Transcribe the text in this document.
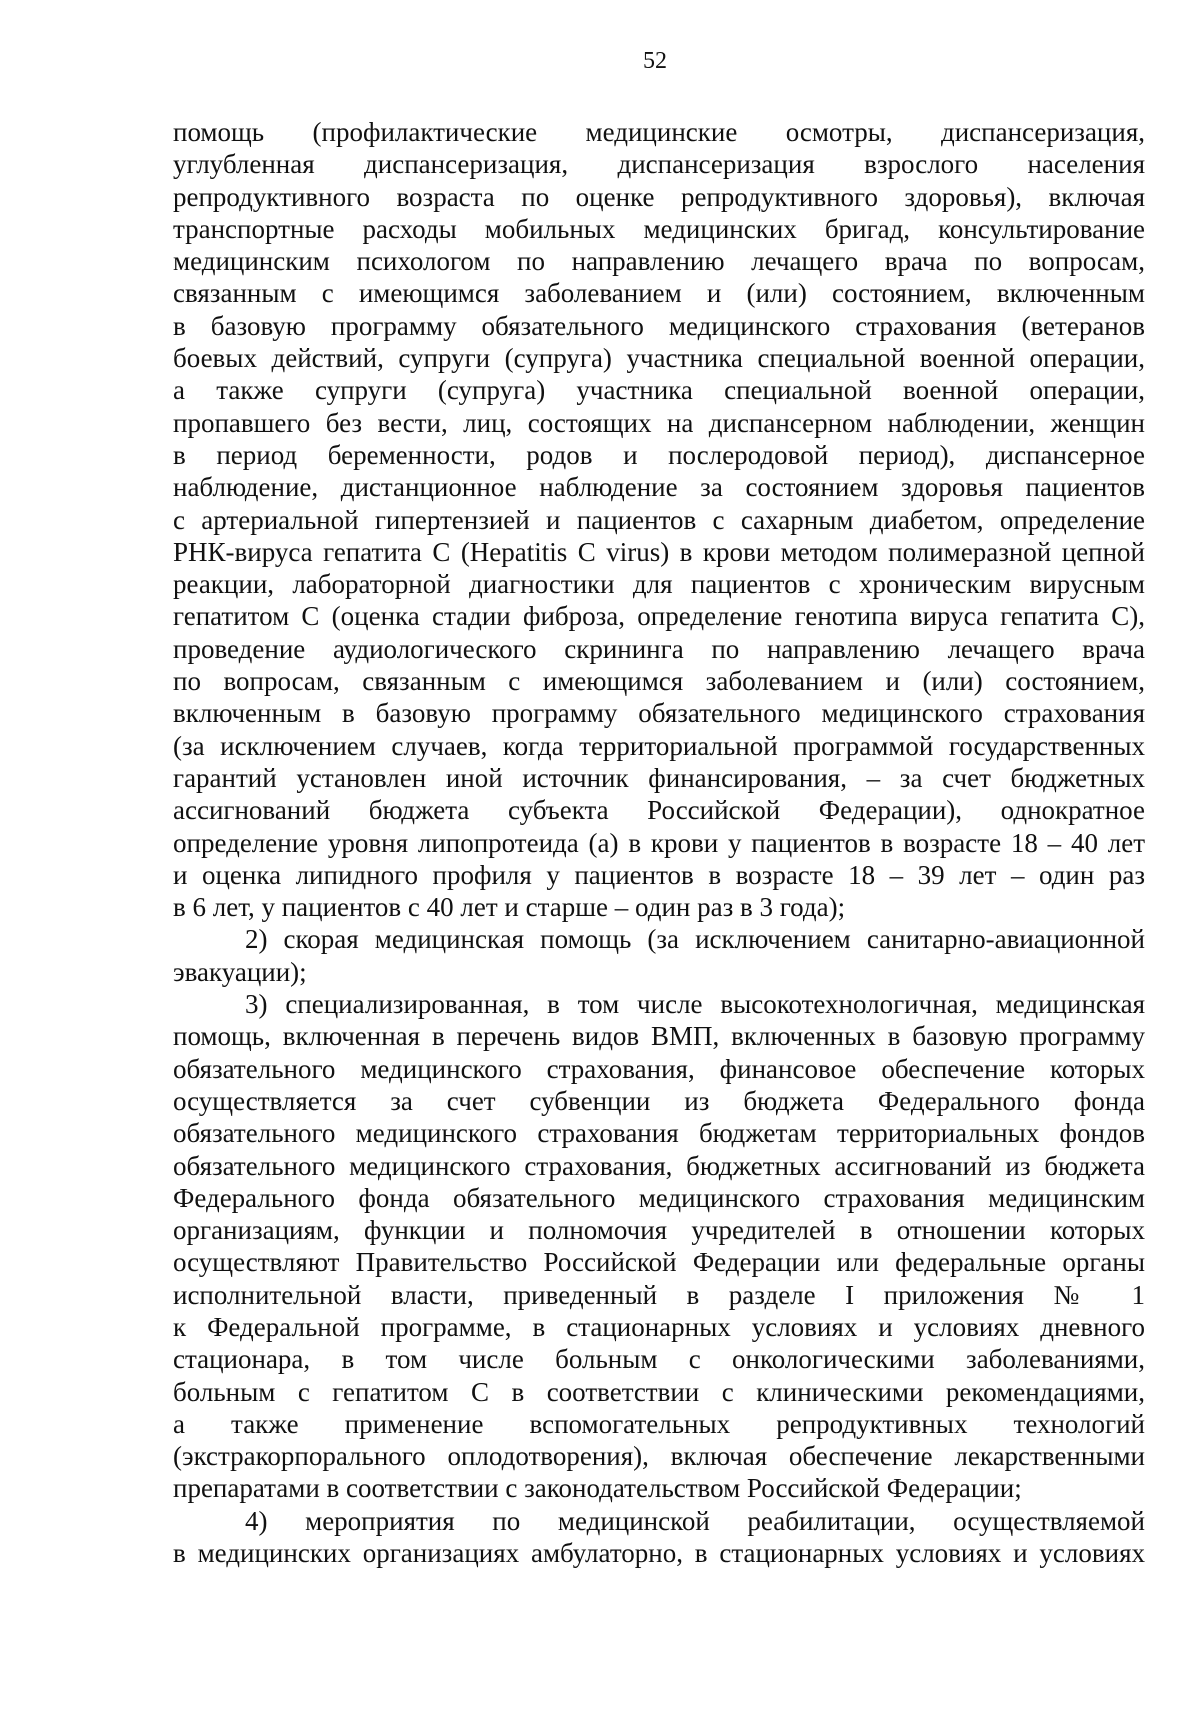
52
помощь (профилактические медицинские осмотры, диспансеризация,
углубленная диспансеризация, диспансеризация взрослого населения
репродуктивного возраста по оценке репродуктивного здоровья), включая
транспортные расходы мобильных медицинских бригад, консультирование
медицинским психологом по направлению лечащего врача по вопросам,
связанным с имеющимся заболеванием и (или) состоянием, включенным
в базовую программу обязательного медицинского страхования (ветеранов
боевых действий, супруги (супруга) участника специальной военной операции,
а также супруги (супруга) участника специальной военной операции,
пропавшего без вести, лиц, состоящих на диспансерном наблюдении, женщин
в период беременности, родов и послеродовой период), диспансерное
наблюдение, дистанционное наблюдение за состоянием здоровья пациентов
с артериальной гипертензией и пациентов с сахарным диабетом, определение
РНК-вируса гепатита С (Hepatitis C virus) в крови методом полимеразной цепной
реакции, лабораторной диагностики для пациентов с хроническим вирусным
гепатитом С (оценка стадии фиброза, определение генотипа вируса гепатита С),
проведение аудиологического скрининга по направлению лечащего врача
по вопросам, связанным с имеющимся заболеванием и (или) состоянием,
включенным в базовую программу обязательного медицинского страхования
(за исключением случаев, когда территориальной программой государственных
гарантий установлен иной источник финансирования, – за счет бюджетных
ассигнований бюджета субъекта Российской Федерации), однократное
определение уровня липопротеида (а) в крови у пациентов в возрасте 18 – 40 лет
и оценка липидного профиля у пациентов в возрасте 18 – 39 лет – один раз
в 6 лет, у пациентов с 40 лет и старше – один раз в 3 года);
2) скорая медицинская помощь (за исключением санитарно-авиационной
эвакуации);
3) специализированная, в том числе высокотехнологичная, медицинская
помощь, включенная в перечень видов ВМП, включенных в базовую программу
обязательного медицинского страхования, финансовое обеспечение которых
осуществляется за счет субвенции из бюджета Федерального фонда
обязательного медицинского страхования бюджетам территориальных фондов
обязательного медицинского страхования, бюджетных ассигнований из бюджета
Федерального фонда обязательного медицинского страхования медицинским
организациям, функции и полномочия учредителей в отношении которых
осуществляют Правительство Российской Федерации или федеральные органы
исполнительной власти, приведенный в разделе I приложения № 1
к Федеральной программе, в стационарных условиях и условиях дневного
стационара, в том числе больным с онкологическими заболеваниями,
больным с гепатитом С в соответствии с клиническими рекомендациями,
а также применение вспомогательных репродуктивных технологий
(экстракорпорального оплодотворения), включая обеспечение лекарственными
препаратами в соответствии с законодательством Российской Федерации;
4) мероприятия по медицинской реабилитации, осуществляемой
в медицинских организациях амбулаторно, в стационарных условиях и условиях
